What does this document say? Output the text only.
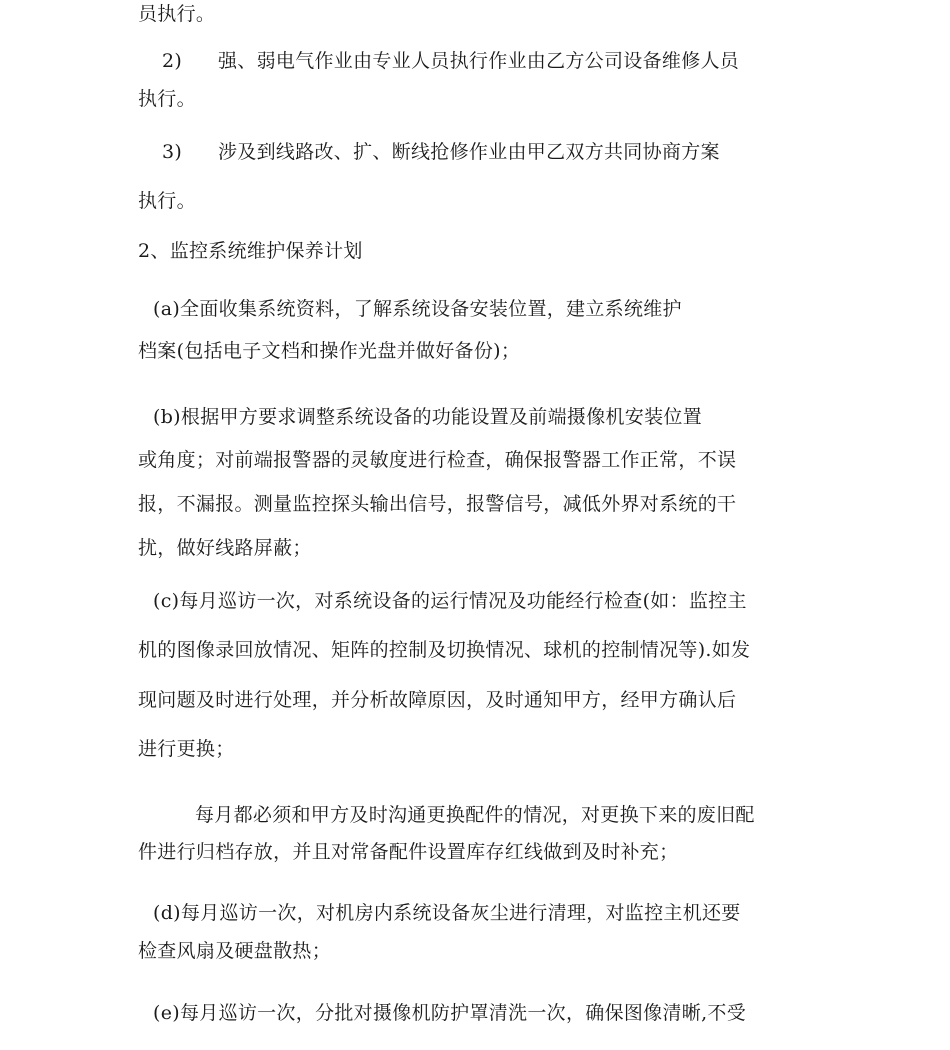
员执行。
2) 强、弱电气作业由专业人员执行作业由乙方公司设备维修人员
执行。
3) 涉及到线路改、扩、断线抢修作业由甲乙双方共同协商方案
执行。
2、监控系统维护保养计划
(a)全面收集系统资料，了解系统设备安装位置，建立系统维护
档案(包括电子文档和操作光盘并做好备份)；
(b)根据甲方要求调整系统设备的功能设置及前端摄像机安装位置
或角度；对前端报警器的灵敏度进行检查，确保报警器工作正常，不误
报，不漏报。测量监控探头输出信号，报警信号，减低外界对系统的干
扰，做好线路屏蔽；
(c)每月巡访一次，对系统设备的运行情况及功能经行检查(如：监控主
机的图像录回放情况、矩阵的控制及切换情况、球机的控制情况等).如发
现问题及时进行处理，并分析故障原因，及时通知甲方，经甲方确认后
进行更换；
每月都必须和甲方及时沟通更换配件的情况，对更换下来的废旧配
件进行归档存放，并且对常备配件设置库存红线做到及时补充；
(d)每月巡访一次，对机房内系统设备灰尘进行清理，对监控主机还要
检查风扇及硬盘散热；
(e)每月巡访一次，分批对摄像机防护罩清洗一次，确保图像清晰,不受
